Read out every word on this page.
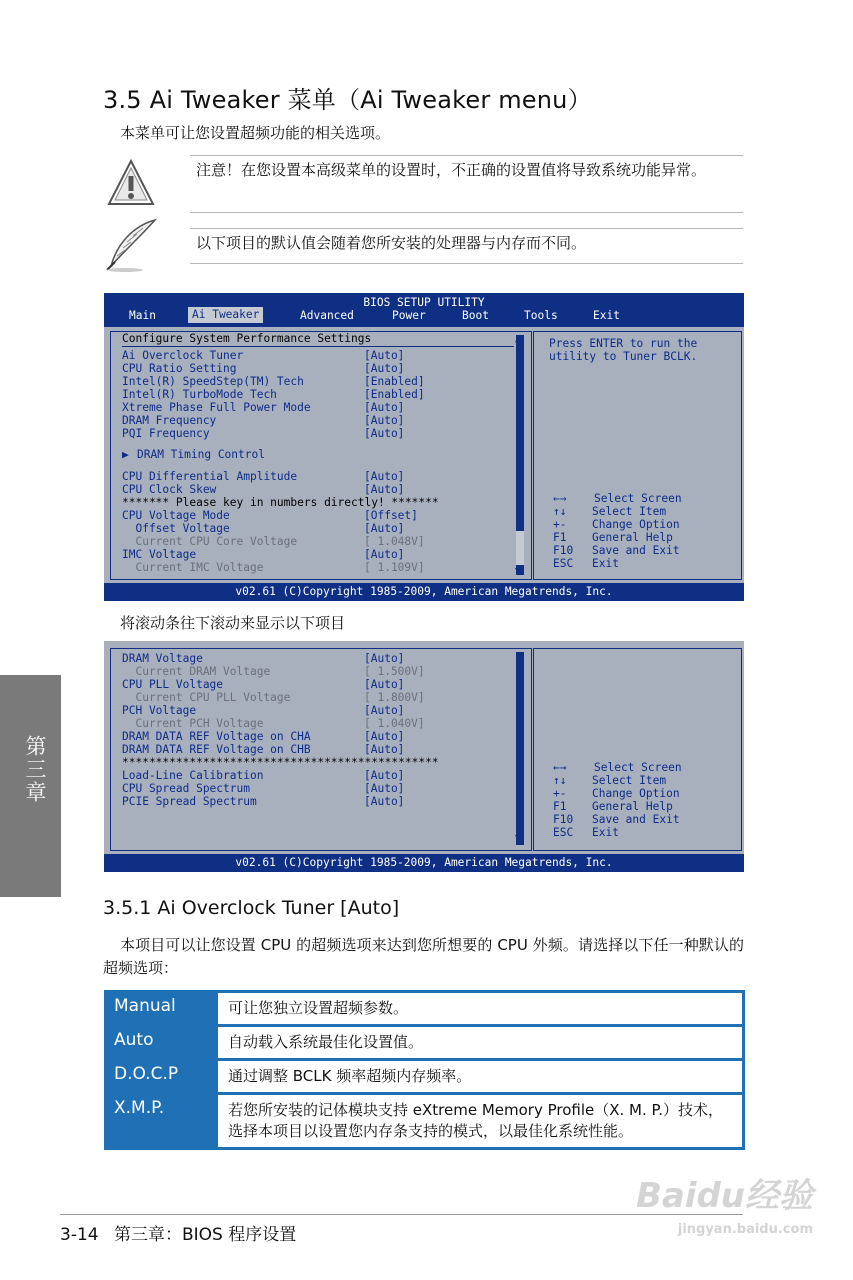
3.5 Ai Tweaker 菜单（Ai Tweaker menu）
本菜单可让您设置超频功能的相关选项。
注意！在您设置本高级菜单的设置时，不正确的设置值将导致系统功能异常。
以下项目的默认值会随着您所安装的处理器与内存而不同。
BIOS SETUP UTILITY
Main	Ai Tweaker	Advanced	Power	Boot	Tools	Exit
Configure System Performance Settings
Ai Overclock Tuner	[Auto]
CPU Ratio Setting	[Auto]
Intel(R) SpeedStep(TM) Tech	[Enabled]
Intel(R) TurboMode Tech	[Enabled]
Xtreme Phase Full Power Mode	[Auto]
DRAM Frequency	[Auto]
PQI Frequency	[Auto]
▶ DRAM Timing Control
CPU Differential Amplitude	[Auto]
CPU Clock Skew	[Auto]
******* Please key in numbers directly! *******
CPU Voltage Mode	[Offset]
Offset Voltage	[Auto]
Current CPU Core Voltage	[ 1.048V]
IMC Voltage	[Auto]
Current IMC Voltage	[ 1.109V]
▲
▼
Press ENTER to run the
utility to Tuner BCLK.
←→ Select Screen
↑↓ Select Item
+- Change Option
F1 General Help
F10 Save and Exit
ESC Exit
v02.61 (C)Copyright 1985-2009, American Megatrends, Inc.
将滚动条往下滚动来显示以下项目
DRAM Voltage	[Auto]
Current DRAM Voltage	[ 1.500V]
CPU PLL Voltage	[Auto]
Current CPU PLL Voltage	[ 1.800V]
PCH Voltage	[Auto]
Current PCH Voltage	[ 1.040V]
DRAM DATA REF Voltage on CHA	[Auto]
DRAM DATA REF Voltage on CHB	[Auto]
***********************************************
Load-Line Calibration	[Auto]
CPU Spread Spectrum	[Auto]
PCIE Spread Spectrum	[Auto]
▼
←→ Select Screen
↑↓ Select Item
+- Change Option
F1 General Help
F10 Save and Exit
ESC Exit
v02.61 (C)Copyright 1985-2009, American Megatrends, Inc.
3.5.1 Ai Overclock Tuner [Auto]
本项目可以让您设置 CPU 的超频选项来达到您所想要的 CPU 外频。请选择以下任一种默认的超频选项：
Manual	可让您独立设置超频参数。
Auto	自动载入系统最佳化设置值。
D.O.C.P	通过调整 BCLK 频率超频内存频率。
X.M.P.	若您所安装的记体模块支持 eXtreme Memory Profile（X. M. P.）技术，选择本项目以设置您内存条支持的模式，以最佳化系统性能。
第三章
3-14 第三章：BIOS 程序设置
Baidu经验
jingyan.baidu.com
